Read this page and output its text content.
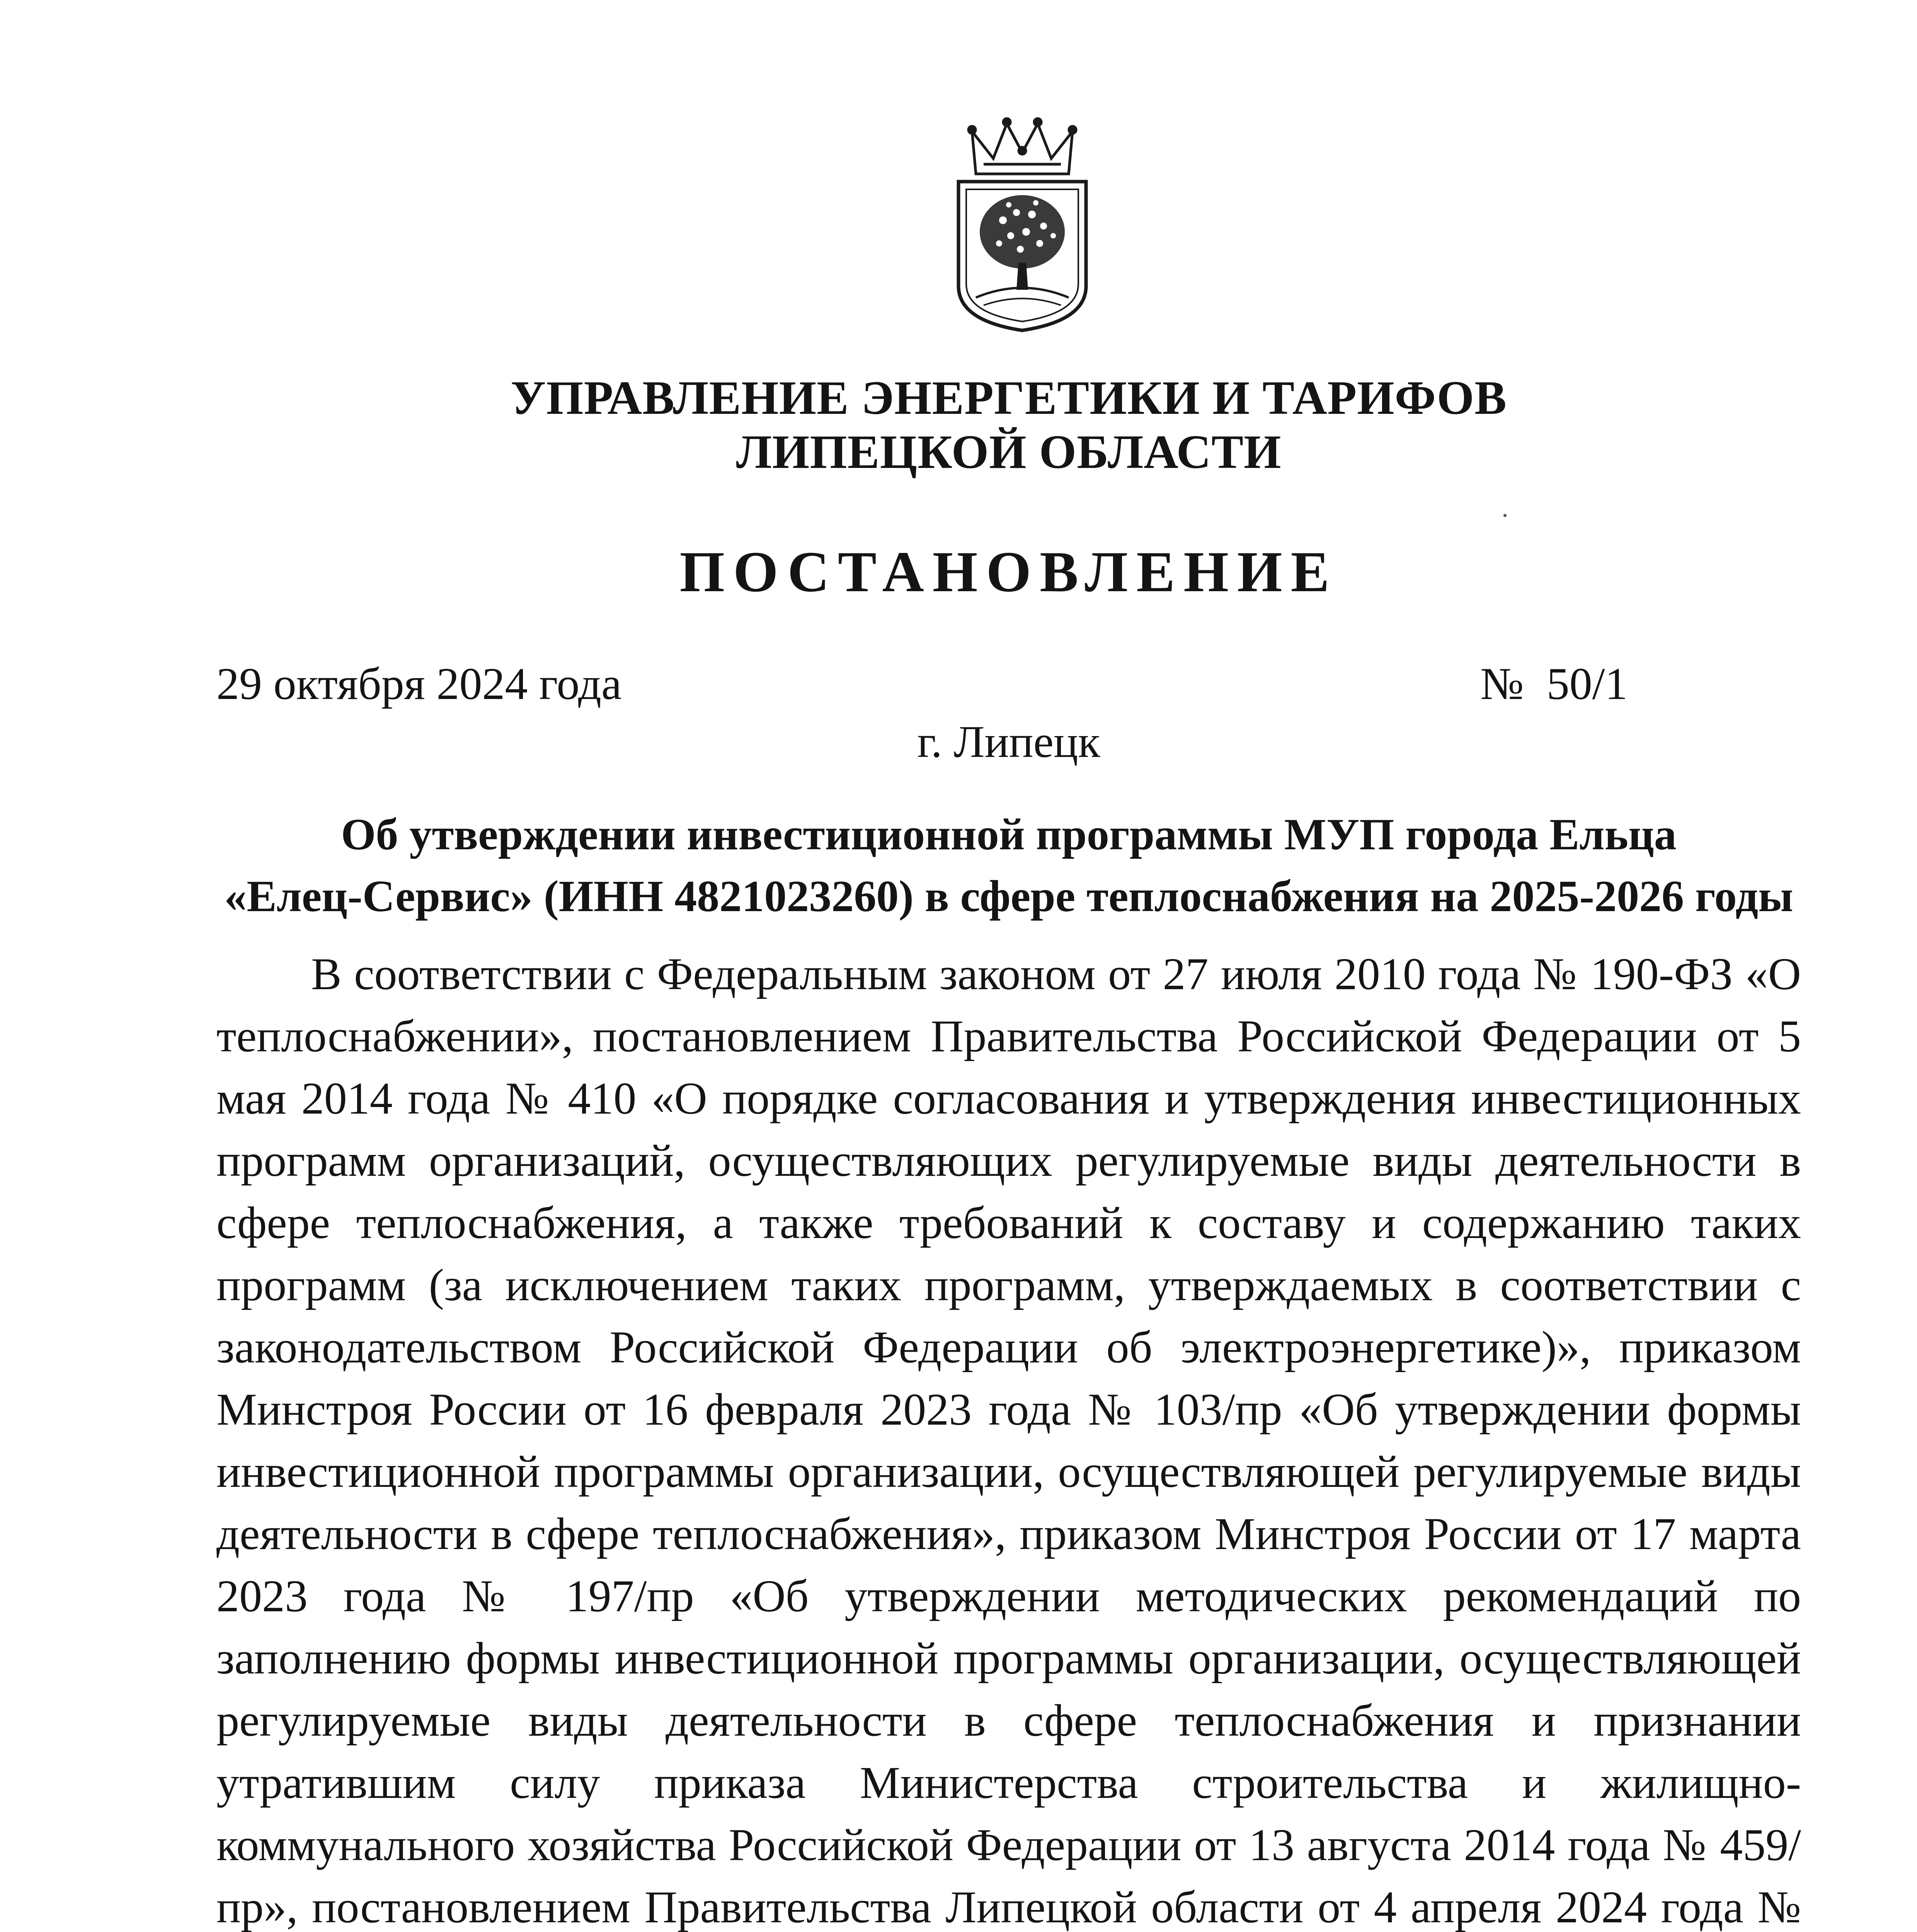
УПРАВЛЕНИЕ ЭНЕРГЕТИКИ И ТАРИФОВ
ЛИПЕЦКОЙ ОБЛАСТИ
ПОСТАНОВЛЕНИЕ
29 октября 2024 года	№  50/1
г. Липецк
Об утверждении инвестиционной программы МУП города Ельца
«Елец-Сервис» (ИНН 4821023260) в сфере теплоснабжения на 2025-2026 годы

В соответствии с Федеральным законом от 27 июля 2010 года № 190-ФЗ «О теплоснабжении», постановлением Правительства Российской Федерации от 5 мая 2014 года № 410 «О порядке согласования и утверждения инвестиционных программ организаций, осуществляющих регулируемые виды деятельности в сфере теплоснабжения, а также требований к составу и содержанию таких программ (за исключением таких программ, утверждаемых в соответствии с законодательством Российской Федерации об электроэнергетике)», приказом Минстроя России от 16 февраля 2023 года № 103/пр «Об утверждении формы инвестиционной программы организации, осуществляющей регулируемые виды деятельности в сфере теплоснабжения», приказом Минстроя России от 17 марта 2023 года № 197/пр «Об утверждении методических рекомендаций по заполнению формы инвестиционной программы организации, осуществляющей регулируемые виды деятельности в сфере теплоснабжения и признании утратившим силу приказа Министерства строительства и жилищно-коммунального хозяйства Российской Федерации от 13 августа 2014 года № 459/пр», постановлением Правительства Липецкой области от 4 апреля 2024 года №
